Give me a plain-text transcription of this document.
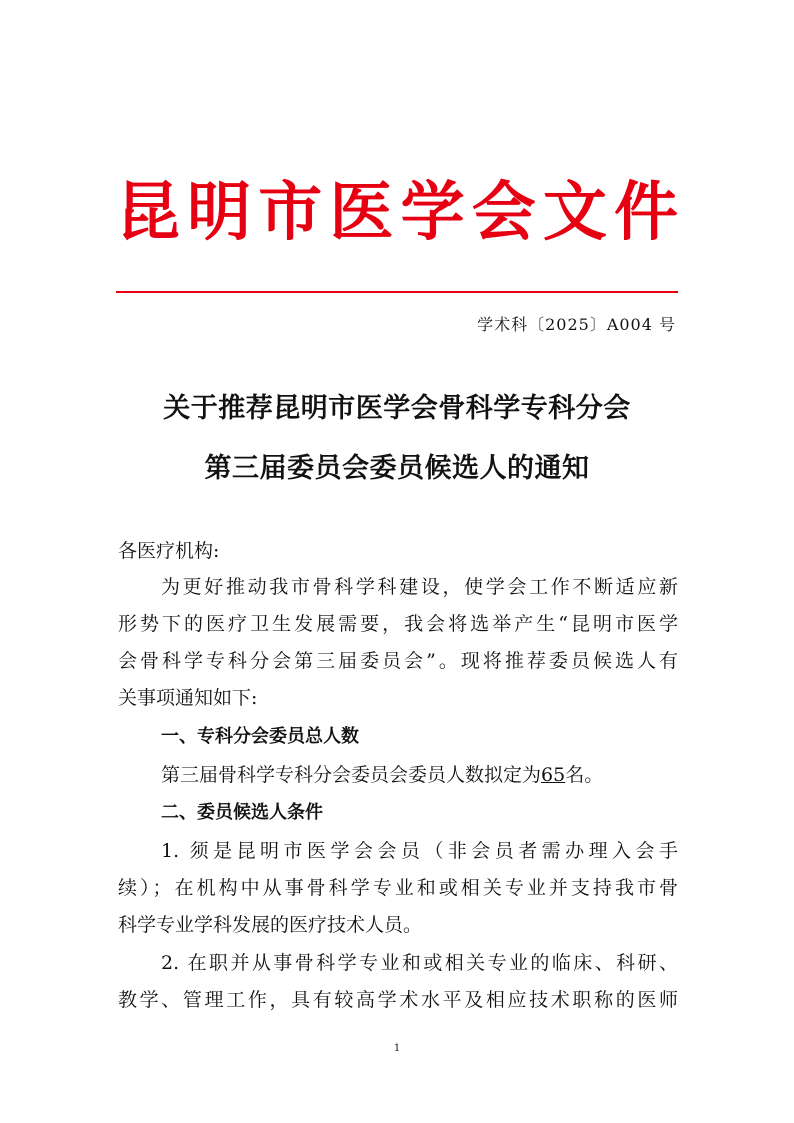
昆 明 市 医 学 会 文 件
学术科〔2025〕A004 号
关于推荐昆明市医学会骨科学专科分会
第三届委员会委员候选人的通知
各医疗机构:
为更好推动我市骨科学科建设，使学会工作不断适应新
形势下的医疗卫生发展需要，我会将选举产生“昆明市医学
会骨科学专科分会第三届委员会”。现将推荐委员候选人有
关事项通知如下:
一、专科分会委员总人数
第三届骨科学专科分会委员会委员人数拟定为65名。
二、委员候选人条件
1. 须是昆明市医学会会员（非会员者需办理入会手
续）；在机构中从事骨科学专业和或相关专业并支持我市骨
科学专业学科发展的医疗技术人员。
2. 在职并从事骨科学专业和或相关专业的临床、科研、
教学、管理工作，具有较高学术水平及相应技术职称的医师
1
